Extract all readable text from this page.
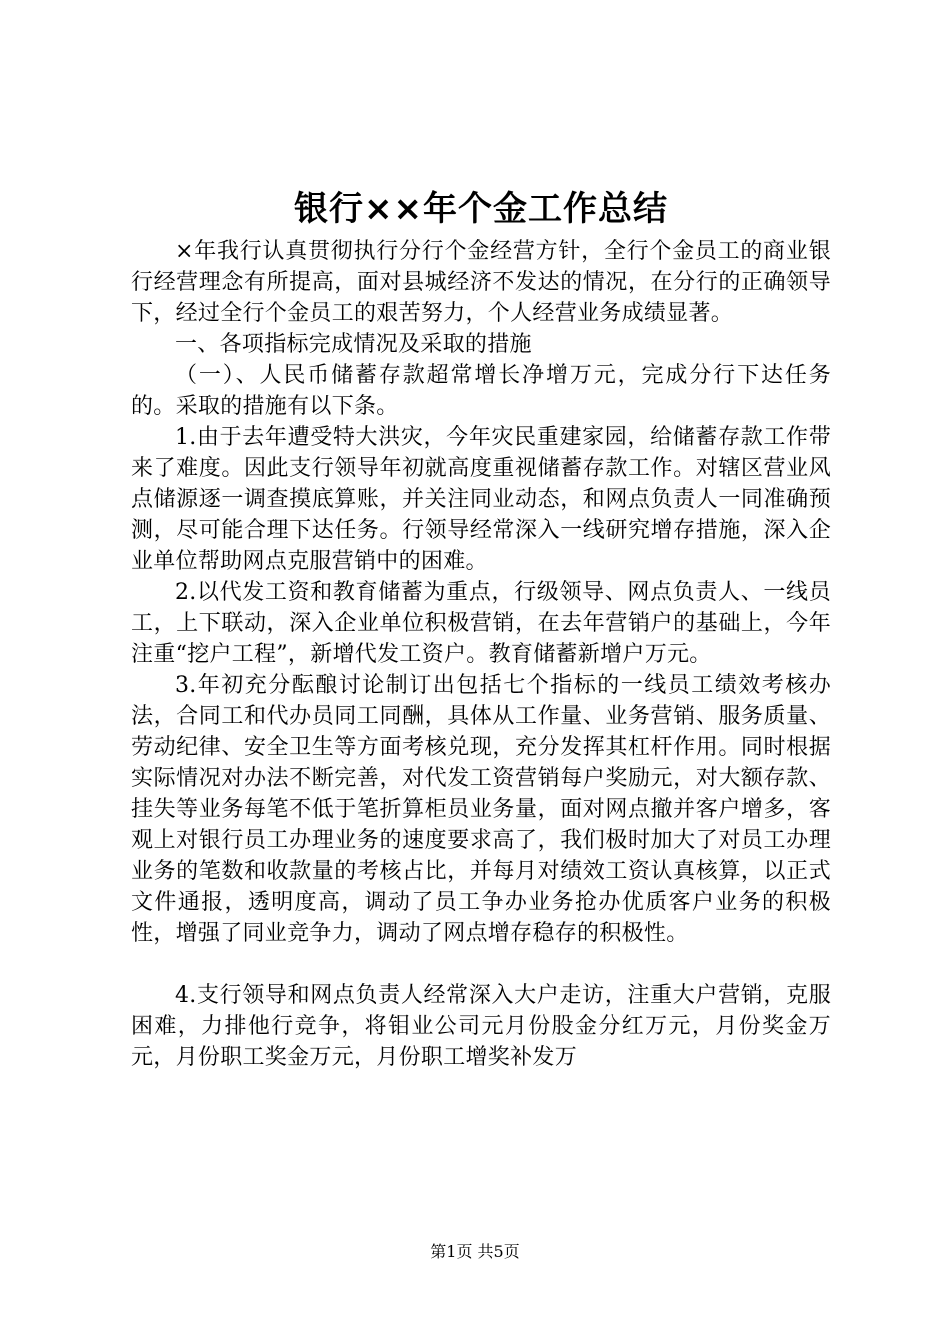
银行××年个金工作总结

×年我行认真贯彻执行分行个金经营方针，全行个金员工的商业银行经营理念有所提高，面对县城经济不发达的情况，在分行的正确领导下，经过全行个金员工的艰苦努力，个人经营业务成绩显著。

一、各项指标完成情况及采取的措施

（一）、人民币储蓄存款超常增长净增万元，完成分行下达任务的。采取的措施有以下条。

1.由于去年遭受特大洪灾，今年灾民重建家园，给储蓄存款工作带来了难度。因此支行领导年初就高度重视储蓄存款工作。对辖区营业风点储源逐一调查摸底算账，并关注同业动态，和网点负责人一同准确预测，尽可能合理下达任务。行领导经常深入一线研究增存措施，深入企业单位帮助网点克服营销中的困难。

2.以代发工资和教育储蓄为重点，行级领导、网点负责人、一线员工，上下联动，深入企业单位积极营销，在去年营销户的基础上，今年注重“挖户工程”，新增代发工资户。教育储蓄新增户万元。

3.年初充分酝酿讨论制订出包括七个指标的一线员工绩效考核办法，合同工和代办员同工同酬，具体从工作量、业务营销、服务质量、劳动纪律、安全卫生等方面考核兑现，充分发挥其杠杆作用。同时根据实际情况对办法不断完善，对代发工资营销每户奖励元，对大额存款、挂失等业务每笔不低于笔折算柜员业务量，面对网点撤并客户增多，客观上对银行员工办理业务的速度要求高了，我们极时加大了对员工办理业务的笔数和收款量的考核占比，并每月对绩效工资认真核算，以正式文件通报，透明度高，调动了员工争办业务抢办优质客户业务的积极性，增强了同业竞争力，调动了网点增存稳存的积极性。

4.支行领导和网点负责人经常深入大户走访，注重大户营销，克服困难，力排他行竞争，将钼业公司元月份股金分红万元，月份奖金万元，月份职工奖金万元，月份职工增奖补发万

第1页 共5页
